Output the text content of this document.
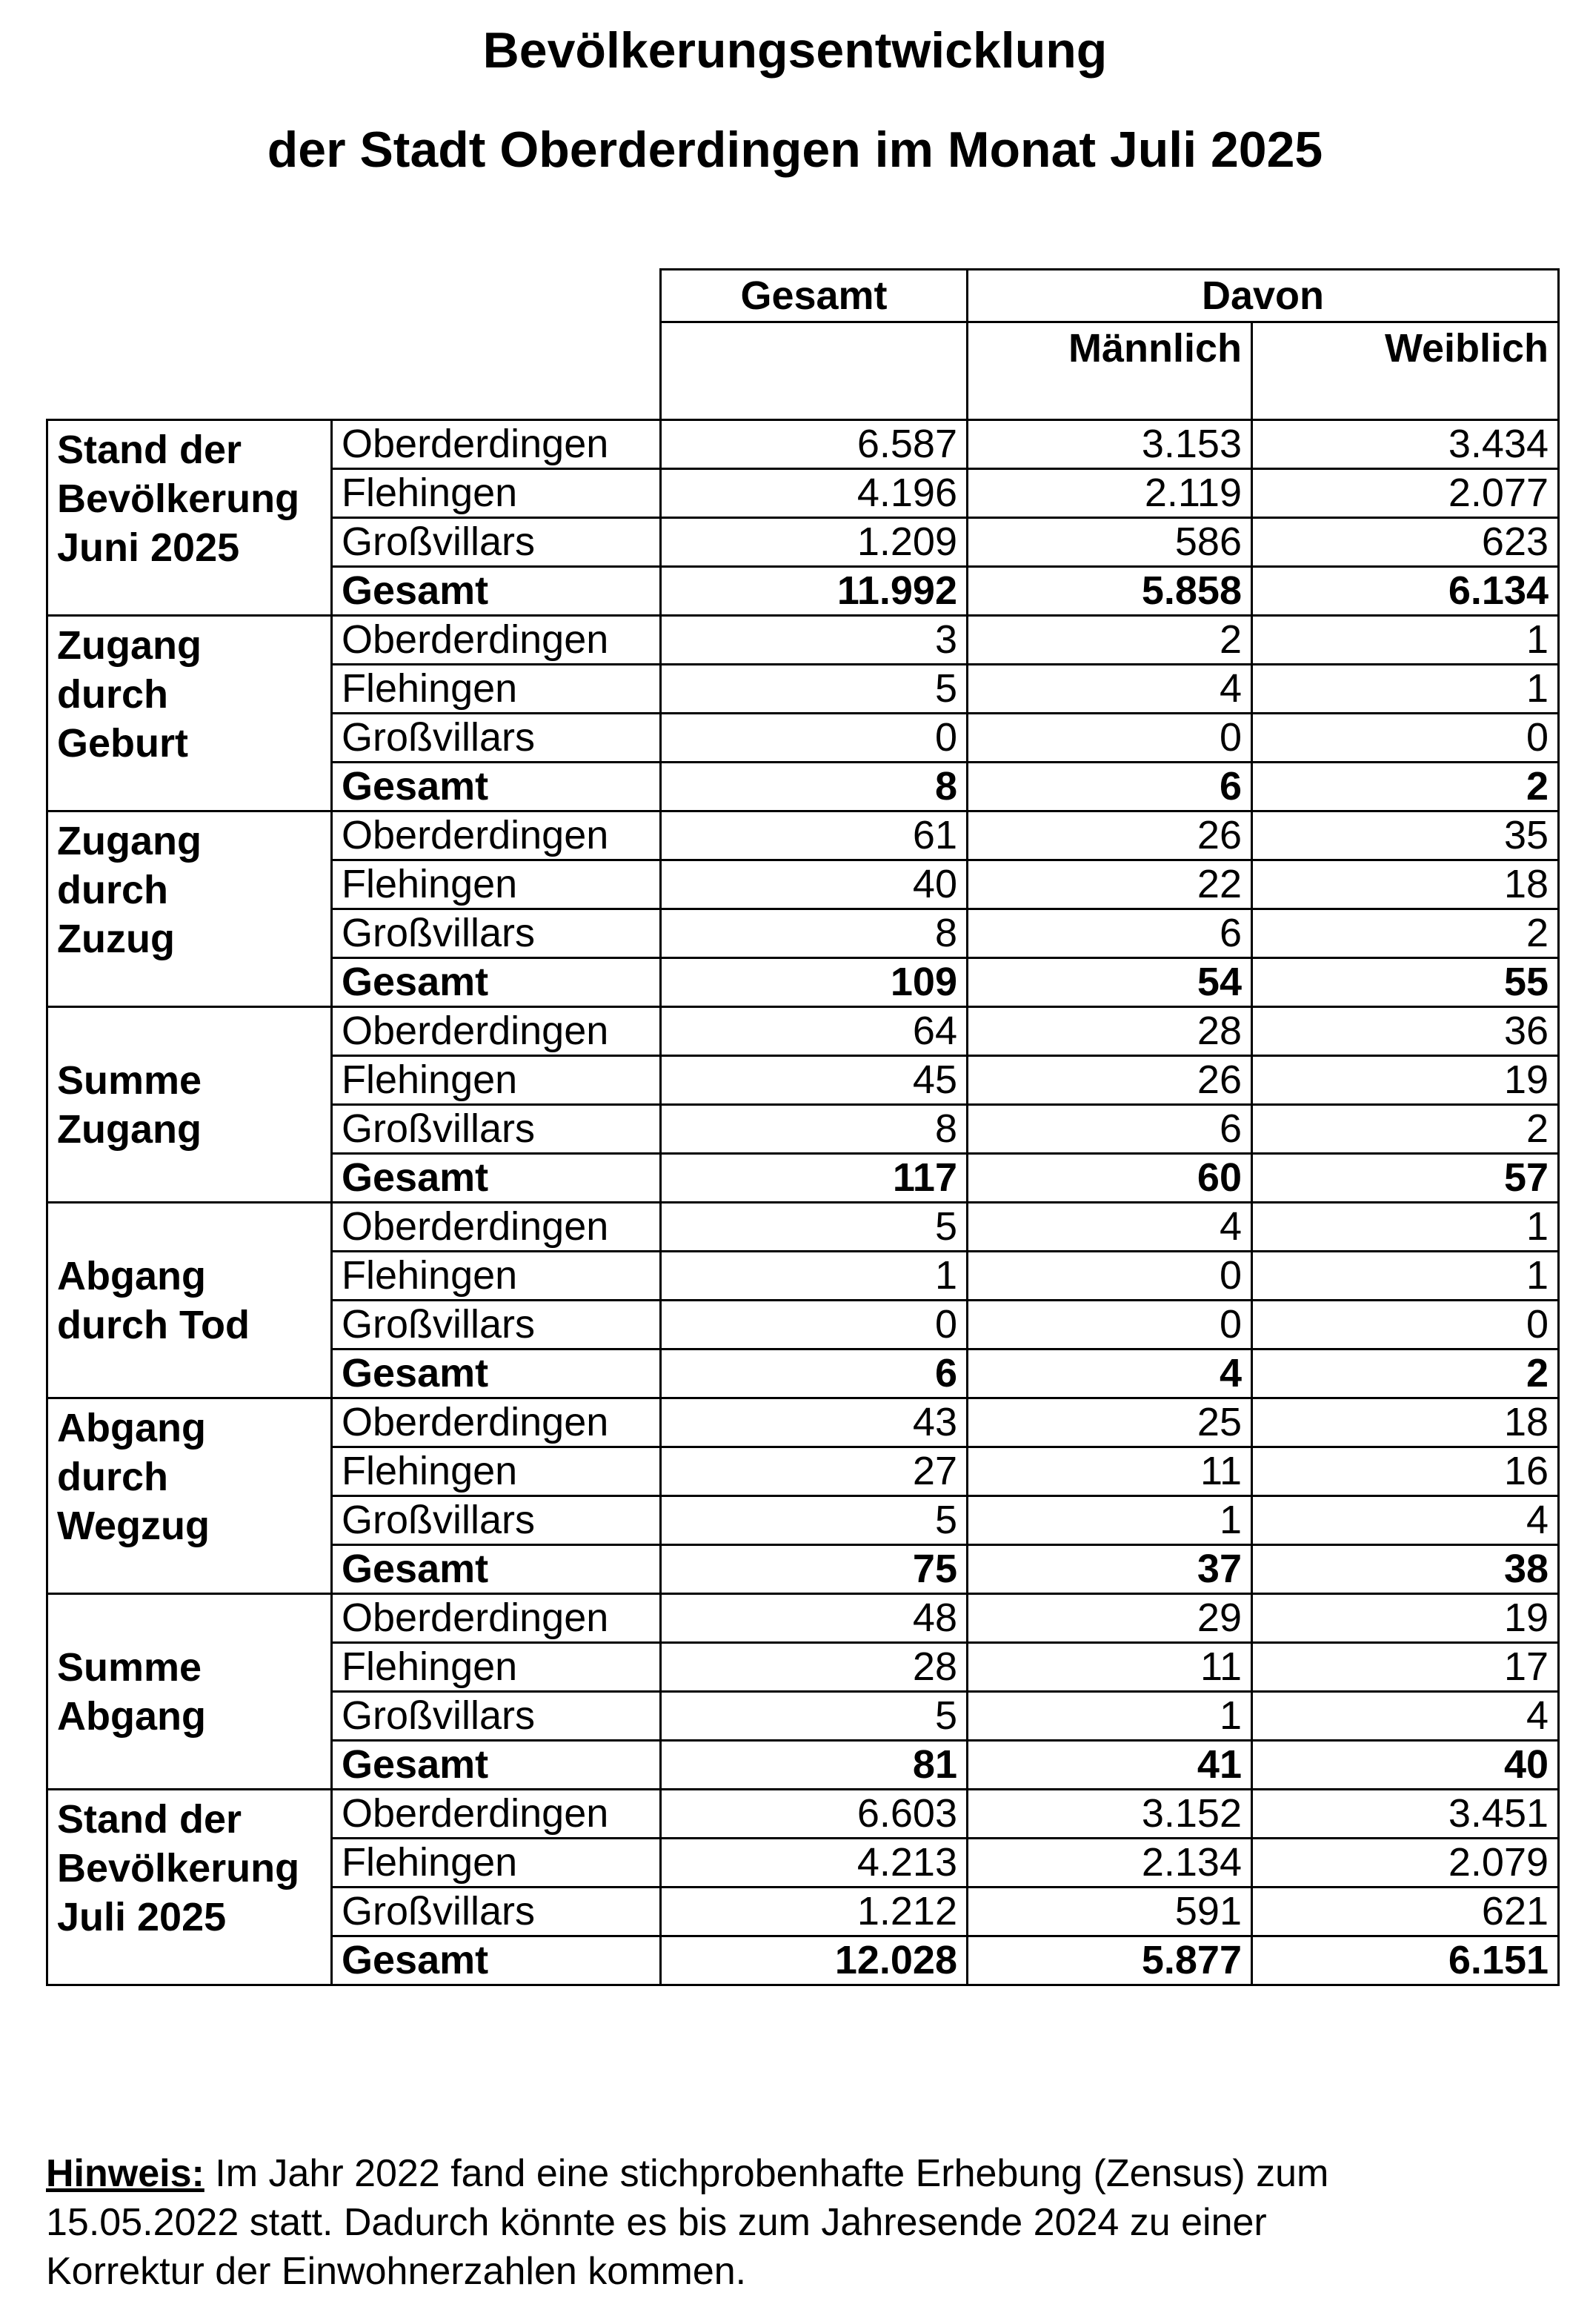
Bevölkerungsentwicklung
der Stadt Oberderdingen im Monat Juli 2025
		Gesamt	Davon	
			Männlich	Weiblich

Stand der
Bevölkerung
Juni 2025	Oberderdingen	6.587	3.153	3.434
	Flehingen	4.196	2.119	2.077
	Großvillars	1.209	586	623
	Gesamt	11.992	5.858	6.134

Zugang
durch
Geburt	Oberderdingen	3	2	1
	Flehingen	5	4	1
	Großvillars	0	0	0
	Gesamt	8	6	2

Zugang
durch
Zuzug	Oberderdingen	61	26	35
	Flehingen	40	22	18
	Großvillars	8	6	2
	Gesamt	109	54	55

Summe
Zugang	Oberderdingen	64	28	36
	Flehingen	45	26	19
	Großvillars	8	6	2
	Gesamt	117	60	57

Abgang
durch Tod	Oberderdingen	5	4	1
	Flehingen	1	0	1
	Großvillars	0	0	0
	Gesamt	6	4	2

Abgang
durch
Wegzug	Oberderdingen	43	25	18
	Flehingen	27	11	16
	Großvillars	5	1	4
	Gesamt	75	37	38

Summe
Abgang	Oberderdingen	48	29	19
	Flehingen	28	11	17
	Großvillars	5	1	4
	Gesamt	81	41	40

Stand der
Bevölkerung
Juli 2025	Oberderdingen	6.603	3.152	3.451
	Flehingen	4.213	2.134	2.079
	Großvillars	1.212	591	621
	Gesamt	12.028	5.877	6.151
Hinweis: Im Jahr 2022 fand eine stichprobenhafte Erhebung (Zensus) zum
15.05.2022 statt. Dadurch könnte es bis zum Jahresende 2024 zu einer
Korrektur der Einwohnerzahlen kommen.
